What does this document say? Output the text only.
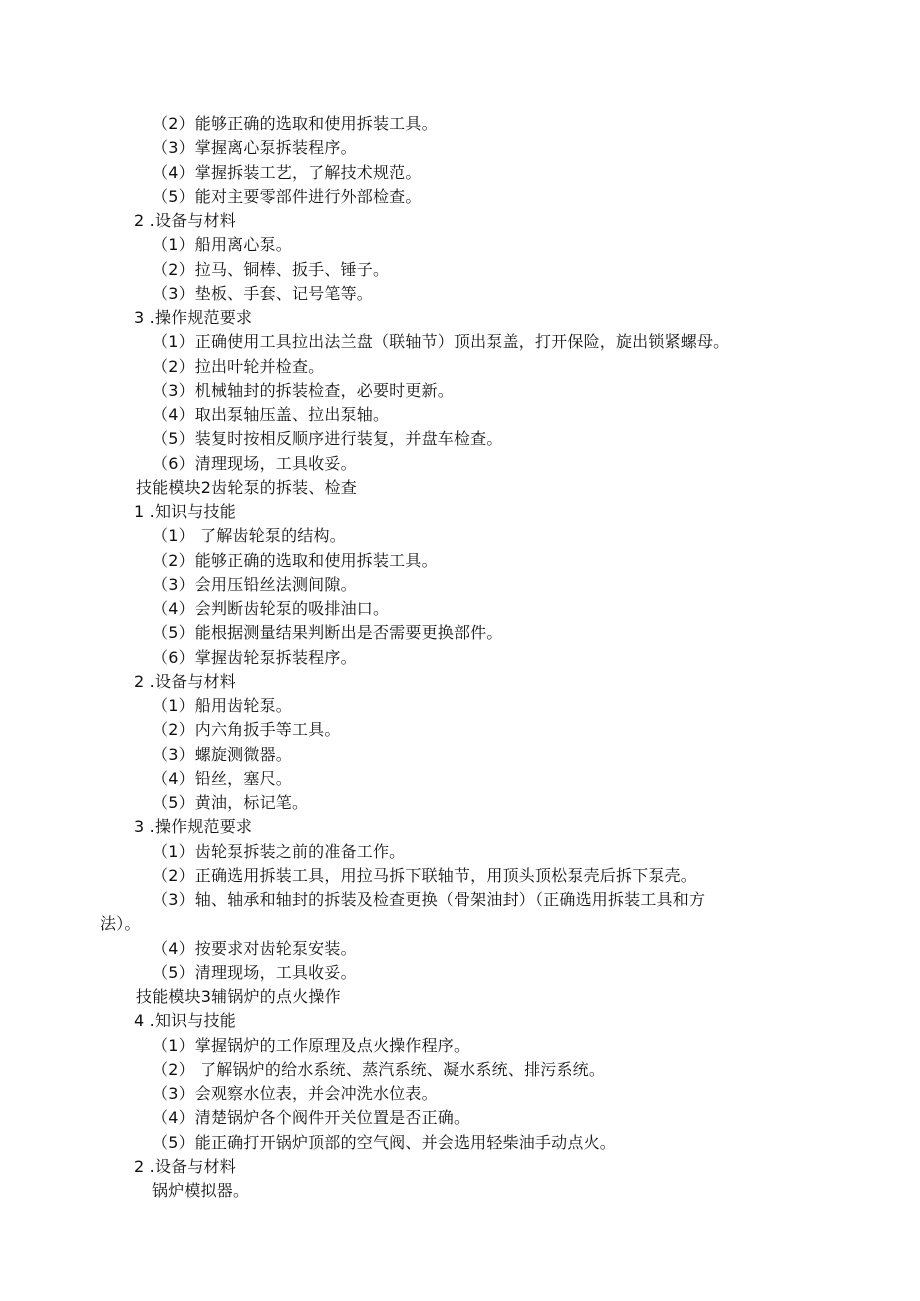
（2）能够正确的选取和使用拆装工具。
（3）掌握离心泵拆装程序。
（4）掌握拆装工艺，了解技术规范。
（5）能对主要零部件进行外部检查。
2 .设备与材料
（1）船用离心泵。
（2）拉马、铜棒、扳手、锤子。
（3）垫板、手套、记号笔等。
3 .操作规范要求
（1）正确使用工具拉出法兰盘（联轴节）顶出泵盖，打开保险，旋出锁紧螺母。
（2）拉出叶轮并检查。
（3）机械轴封的拆装检查，必要时更新。
（4）取出泵轴压盖、拉出泵轴。
（5）装复时按相反顺序进行装复，并盘车检查。
（6）清理现场，工具收妥。
技能模块2齿轮泵的拆装、检查
1 .知识与技能
（1） 了解齿轮泵的结构。
（2）能够正确的选取和使用拆装工具。
（3）会用压铅丝法测间隙。
（4）会判断齿轮泵的吸排油口。
（5）能根据测量结果判断出是否需要更换部件。
（6）掌握齿轮泵拆装程序。
2 .设备与材料
（1）船用齿轮泵。
（2）内六角扳手等工具。
（3）螺旋测微器。
（4）铅丝，塞尺。
（5）黄油，标记笔。
3 .操作规范要求
（1）齿轮泵拆装之前的准备工作。
（2）正确选用拆装工具，用拉马拆下联轴节，用顶头顶松泵壳后拆下泵壳。
（3）轴、轴承和轴封的拆装及检查更换（骨架油封）（正确选用拆装工具和方
法）。
（4）按要求对齿轮泵安装。
（5）清理现场，工具收妥。
技能模块3辅锅炉的点火操作
4 .知识与技能
（1）掌握锅炉的工作原理及点火操作程序。
（2） 了解锅炉的给水系统、蒸汽系统、凝水系统、排污系统。
（3）会观察水位表，并会冲洗水位表。
（4）清楚锅炉各个阀件开关位置是否正确。
（5）能正确打开锅炉顶部的空气阀、并会选用轻柴油手动点火。
2 .设备与材料
锅炉模拟器。
